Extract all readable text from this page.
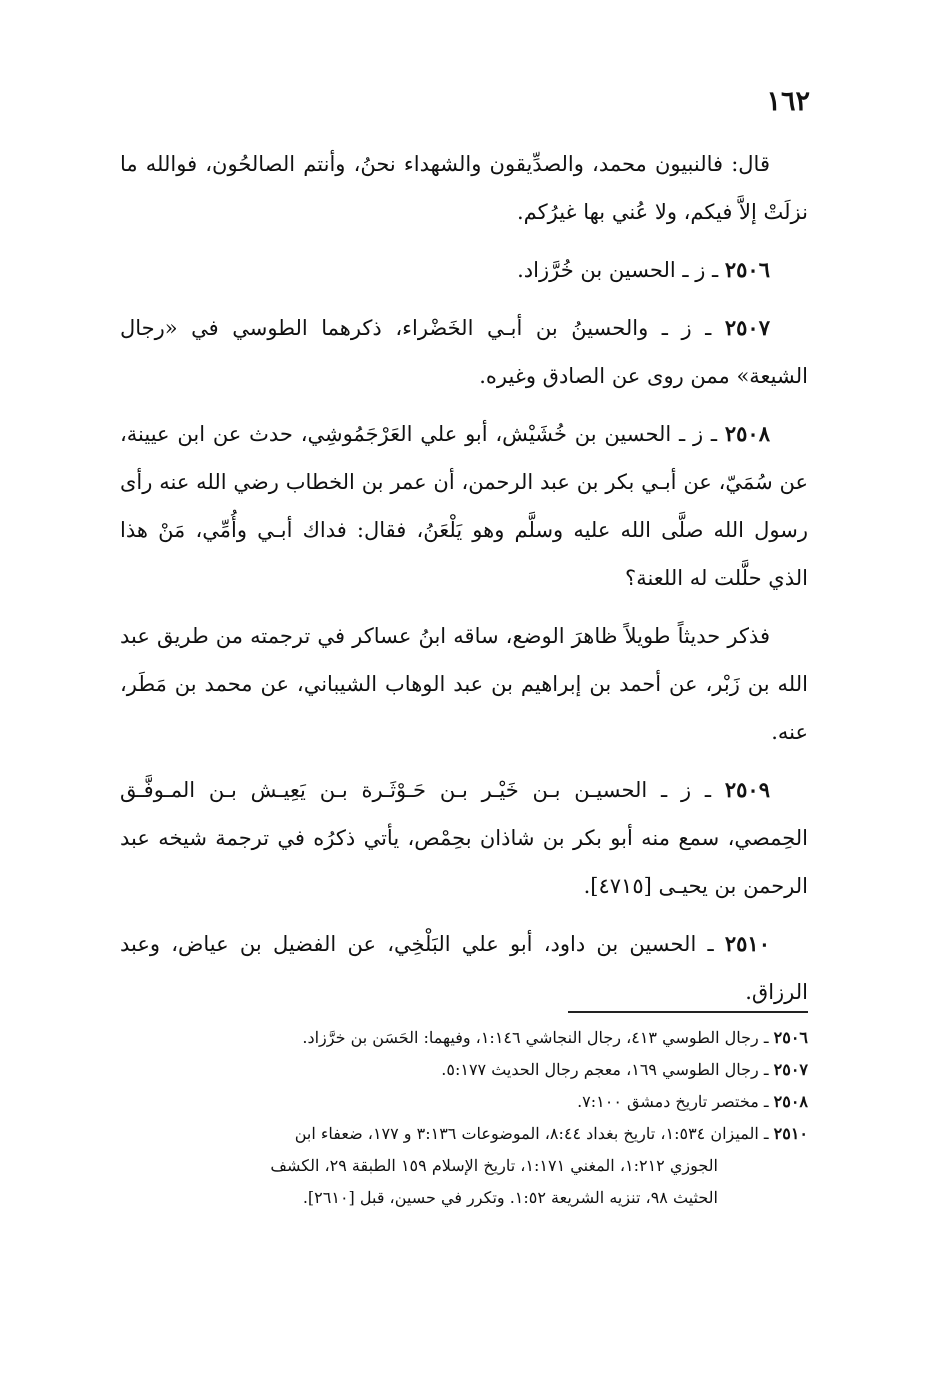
١٦٢

قال: فالنبيون محمد، والصدِّيقون والشهداء نحنُ، وأنتم الصالحُون، فوالله ما نزلَتْ إلاَّ فيكم، ولا عُني بها غيرُكم.

٢٥٠٦ ـ ز ـ الحسين بن خُرَّزاد.

٢٥٠٧ ـ ز ـ والحسينُ بن أبـي الخَضْراء، ذكرهما الطوسي في «رجال الشيعة» ممن روى عن الصادق وغيره.

٢٥٠٨ ـ ز ـ الحسين بن خُشَيْش، أبو علي العَرْجَمُوشِي، حدث عن ابن عيينة، عن سُمَيّ، عن أبـي بكر بن عبد الرحمن، أن عمر بن الخطاب رضي الله عنه رأى رسول الله صلَّى الله عليه وسلَّم وهو يَلْعَنُ، فقال: فداك أبـي وأُمِّي، مَنْ هذا الذي حلَّلت له اللعنة؟

فذكر حديثاً طويلاً ظاهرَ الوضع، ساقه ابنُ عساكر في ترجمته من طريق عبد الله بن زَبْر، عن أحمد بن إبراهيم بن عبد الوهاب الشيباني، عن محمد بن مَطَر، عنه.

٢٥٠٩ ـ ز ـ الحسيـن بـن خَيْـر بـن حَـوْثَـرة بـن يَعِيـش بـن المـوفَّـق الحِمصي، سمع منه أبو بكر بن شاذان بحِمْص، يأتي ذكرُه في ترجمة شيخه عبد الرحمن بن يحيـى [٤٧١٥].

٢٥١٠ ـ الحسين بن داود، أبو علي البَلْخِي، عن الفضيل بن عياض، وعبد الرزاق.

٢٥٠٦ ـ رجال الطوسي ٤١٣، رجال النجاشي ١:١٤٦، وفيهما: الحَسَن بن خرَّزاد.

٢٥٠٧ ـ رجال الطوسي ١٦٩، معجم رجال الحديث ٥:١٧٧.

٢٥٠٨ ـ مختصر تاريخ دمشق ٧:١٠٠.

٢٥١٠ ـ الميزان ١:٥٣٤، تاريخ بغداد ٨:٤٤، الموضوعات ٣:١٣٦ و ١٧٧، ضعفاء ابن

الجوزي ١:٢١٢، المغني ١:١٧١، تاريخ الإسلام ١٥٩ الطبقة ٢٩، الكشف

الحثيث ٩٨، تنزيه الشريعة ١:٥٢. وتكرر في حسين، قبل [٢٦١٠].
